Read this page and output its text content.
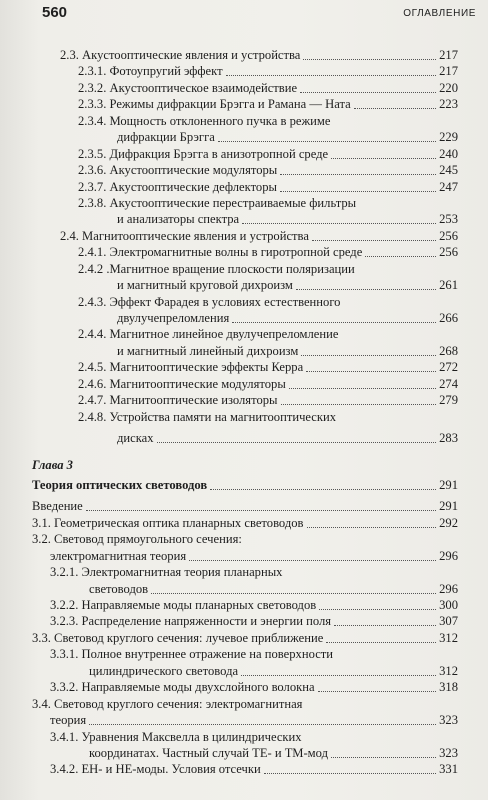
560	ОГЛАВЛЕНИЕ
2.3. Акустооптические явления и устройства	217
2.3.1. Фотоупругий эффект	217
2.3.2. Акустооптическое взаимодействие	220
2.3.3. Режимы дифракции Брэгга и Рамана — Ната	223
2.3.4. Мощность отклоненного пучка в режиме
дифракции Брэгга	229
2.3.5. Дифракция Брэгга в анизотропной среде	240
2.3.6. Акустооптические модуляторы	245
2.3.7. Акустооптические дефлекторы	247
2.3.8. Акустооптические перестраиваемые фильтры
и анализаторы спектра	253
2.4. Магнитооптические явления и устройства	256
2.4.1. Электромагнитные волны в гиротропной среде	256
2.4.2 .Магнитное вращение плоскости поляризации
и магнитный круговой дихроизм	261
2.4.3. Эффект Фарадея в условиях естественного
двулучепреломления	266
2.4.4. Магнитное линейное двулучепреломление
и магнитный линейный дихроизм	268
2.4.5. Магнитооптические эффекты Керра	272
2.4.6. Магнитооптические модуляторы	274
2.4.7. Магнитооптические изоляторы	279
2.4.8. Устройства памяти на магнитооптических
дисках	283
Глава 3
Теория оптических световодов	291
Введение	291
3.1. Геометрическая оптика планарных световодов	292
3.2. Световод прямоугольного сечения:
электромагнитная теория	296
3.2.1. Электромагнитная теория планарных
световодов	296
3.2.2. Направляемые моды планарных световодов	300
3.2.3. Распределение напряженности и энергии поля	307
3.3. Световод круглого сечения: лучевое приближение	312
3.3.1. Полное внутреннее отражение на поверхности
цилиндрического световода	312
3.3.2. Направляемые моды двухслойного волокна	318
3.4. Световод круглого сечения: электромагнитная
теория	323
3.4.1. Уравнения Максвелла в цилиндрических
координатах. Частный случай ТЕ- и ТМ-мод	323
3.4.2. ЕН- и НЕ-моды. Условия отсечки	331
